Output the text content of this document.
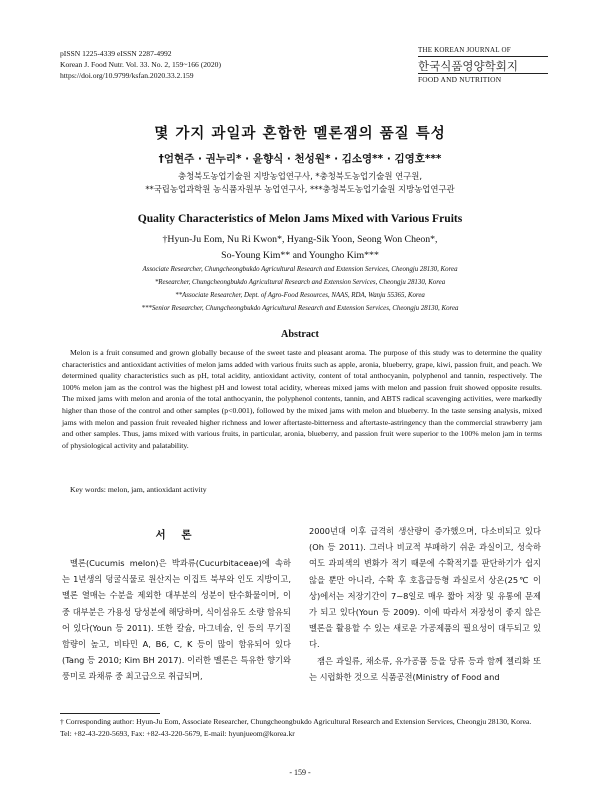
pISSN 1225-4339 eISSN 2287-4992
Korean J. Food Nutr. Vol. 33. No. 2, 159~166 (2020)
https://doi.org/10.9799/ksfan.2020.33.2.159
THE KOREAN JOURNAL OF
한국식품영양학회지
FOOD AND NUTRITION
몇 가지 과일과 혼합한 멜론잼의 품질 특성
†엄현주 · 권누리* · 윤향식 · 천성원* · 김소영** · 김영호***
충청북도농업기술원 지방농업연구사, *충청북도농업기술원 연구원,
**국립농업과학원 농식품자원부 농업연구사, ***충청북도농업기술원 지방농업연구관
Quality Characteristics of Melon Jams Mixed with Various Fruits
†Hyun-Ju Eom, Nu Ri Kwon*, Hyang-Sik Yoon, Seong Won Cheon*,
So-Young Kim** and Youngho Kim***
Associate Researcher, Chungcheongbukdo Agricultural Research and Extension Services, Cheongju 28130, Korea
*Researcher, Chungcheongbukdo Agricultural Research and Extension Services, Cheongju 28130, Korea
**Associate Researcher, Dept. of Agro-Food Resources, NAAS, RDA, Wanju 55365, Korea
***Senior Researcher, Chungcheongbukdo Agricultural Research and Extension Services, Cheongju 28130, Korea
Abstract
Melon is a fruit consumed and grown globally because of the sweet taste and pleasant aroma. The purpose of this study was to determine the quality characteristics and antioxidant activities of melon jams added with various fruits such as apple, aronia, blueberry, grape, kiwi, passion fruit, and peach. We determined quality characteristics such as pH, total acidity, antioxidant activity, content of total anthocyanin, polyphenol and tannin, respectively. The 100% melon jam as the control was the highest pH and lowest total acidity, whereas mixed jams with melon and passion fruit showed opposite results. The mixed jams with melon and aronia of the total anthocyanin, the polyphenol contents, tannin, and ABTS radical scavenging activities, were markedly higher than those of the control and other samples (p<0.001), followed by the mixed jams with melon and blueberry. In the taste sensing analysis, mixed jams with melon and passion fruit revealed higher richness and lower aftertaste-bitterness and aftertaste-astringency than the commercial strawberry jam and other samples. Thus, jams mixed with various fruits, in particular, aronia, blueberry, and passion fruit were superior to the 100% melon jam in terms of physiological activity and palatability.
Key words: melon, jam, antioxidant activity
서 론
멜론(Cucumis melon)은 박과류(Cucurbitaceae)에 속하는 1년생의 덩굴식물로 원산지는 이집트 북부와 인도 지방이고, 멜론 열매는 수분을 제외한 대부분의 성분이 탄수화물이며, 이 중 대부분은 가용성 당성분에 해당하며, 식이섬유도 소량 함유되어 있다(Youn 등 2011). 또한 칼슘, 마그네슘, 인 등의 무기질 함량이 높고, 비타민 A, B6, C, K 등이 많이 함유되어 있다(Tang 등 2010; Kim BH 2017). 이러한 멜론은 특유한 향기와 풍미로 과채류 중 최고급으로 취급되며,

2000년대 이후 급격히 생산량이 증가했으며, 다소비되고 있다(Oh 등 2011). 그러나 비교적 부패하기 쉬운 과실이고, 성숙하여도 과피색의 변화가 적기 때문에 수확적기를 판단하기가 쉽지 않을 뿐만 아니라, 수확 후 호흡급등형 과실로서 상온(25℃ 이상)에서는 저장기간이 7~8일로 매우 짧아 저장 및 유통에 문제가 되고 있다(Youn 등 2009). 이에 따라서 저장성이 좋지 않은 멜론을 활용할 수 있는 새로운 가공제품의 필요성이 대두되고 있다.

잼은 과일류, 채소류, 유가공품 등을 당류 등과 함께 젤리화 또는 시럽화한 것으로 식품공전(Ministry of Food and

† Corresponding author: Hyun-Ju Eom, Associate Researcher, Chungcheongbukdo Agricultural Research and Extension Services, Cheongju 28130, Korea. Tel: +82-43-220-5693, Fax: +82-43-220-5679, E-mail: hyunjueom@korea.kr
- 159 -
